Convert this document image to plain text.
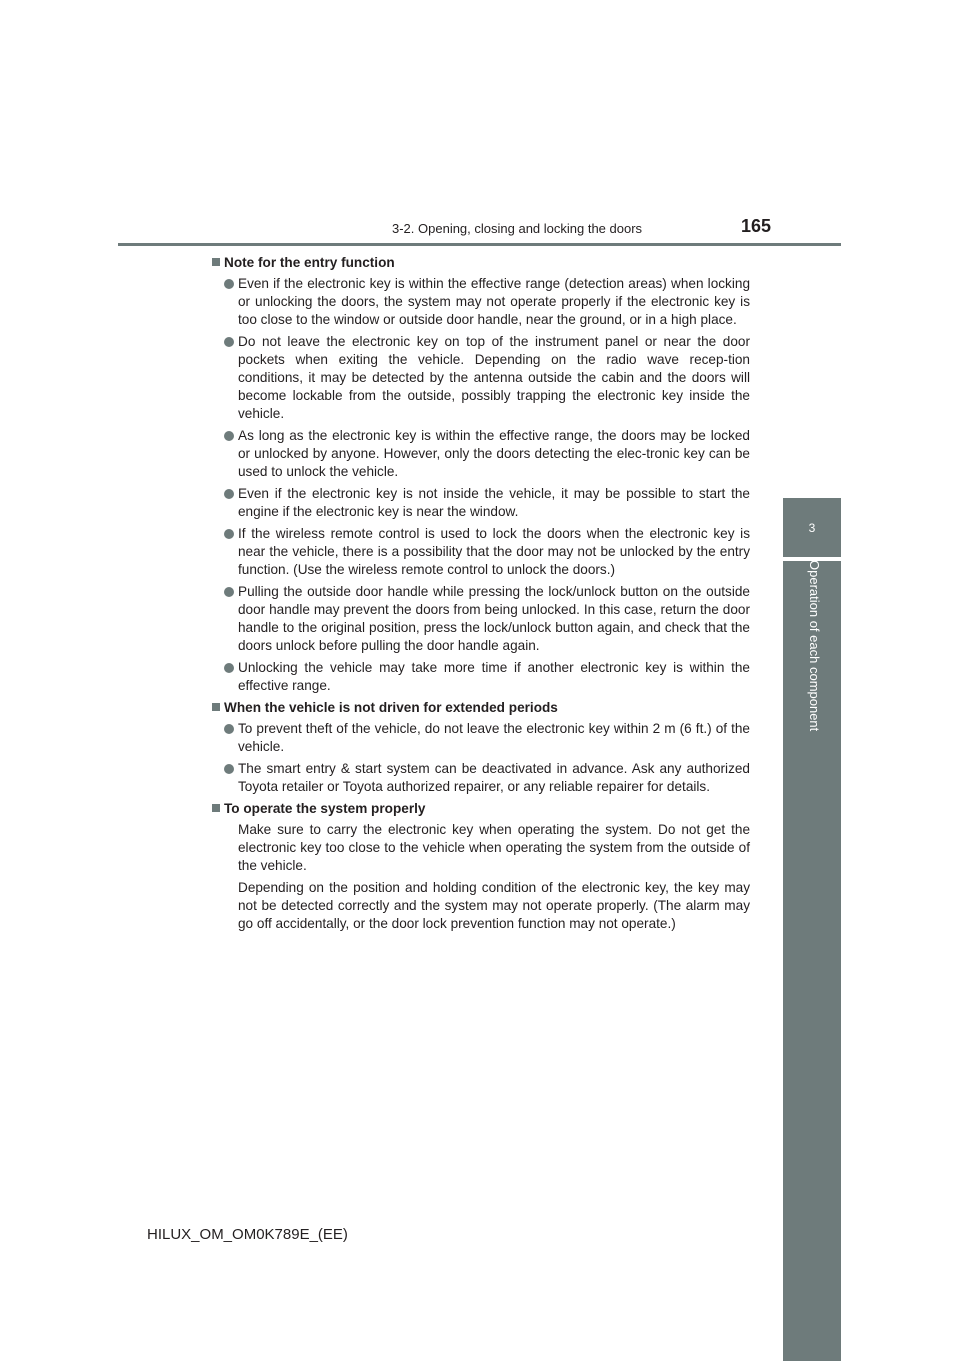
3-2. Opening, closing and locking the doors	165
3
Operation of each component
Note for the entry function
Even if the electronic key is within the effective range (detection areas) when locking or unlocking the doors, the system may not operate properly if the electronic key is too close to the window or outside door handle, near the ground, or in a high place.
Do not leave the electronic key on top of the instrument panel or near the door pockets when exiting the vehicle. Depending on the radio wave recep-tion conditions, it may be detected by the antenna outside the cabin and the doors will become lockable from the outside, possibly trapping the electronic key inside the vehicle.
As long as the electronic key is within the effective range, the doors may be locked or unlocked by anyone. However, only the doors detecting the elec-tronic key can be used to unlock the vehicle.
Even if the electronic key is not inside the vehicle, it may be possible to start the engine if the electronic key is near the window.
If the wireless remote control is used to lock the doors when the electronic key is near the vehicle, there is a possibility that the door may not be unlocked by the entry function. (Use the wireless remote control to unlock the doors.)
Pulling the outside door handle while pressing the lock/unlock button on the outside door handle may prevent the doors from being unlocked. In this case, return the door handle to the original position, press the lock/unlock button again, and check that the doors unlock before pulling the door handle again.
Unlocking the vehicle may take more time if another electronic key is within the effective range.
When the vehicle is not driven for extended periods
To prevent theft of the vehicle, do not leave the electronic key within 2 m (6 ft.) of the vehicle.
The smart entry & start system can be deactivated in advance. Ask any authorized Toyota retailer or Toyota authorized repairer, or any reliable repairer for details.
To operate the system properly
Make sure to carry the electronic key when operating the system. Do not get the electronic key too close to the vehicle when operating the system from the outside of the vehicle.
Depending on the position and holding condition of the electronic key, the key may not be detected correctly and the system may not operate properly. (The alarm may go off accidentally, or the door lock prevention function may not operate.)
HILUX_OM_OM0K789E_(EE)
